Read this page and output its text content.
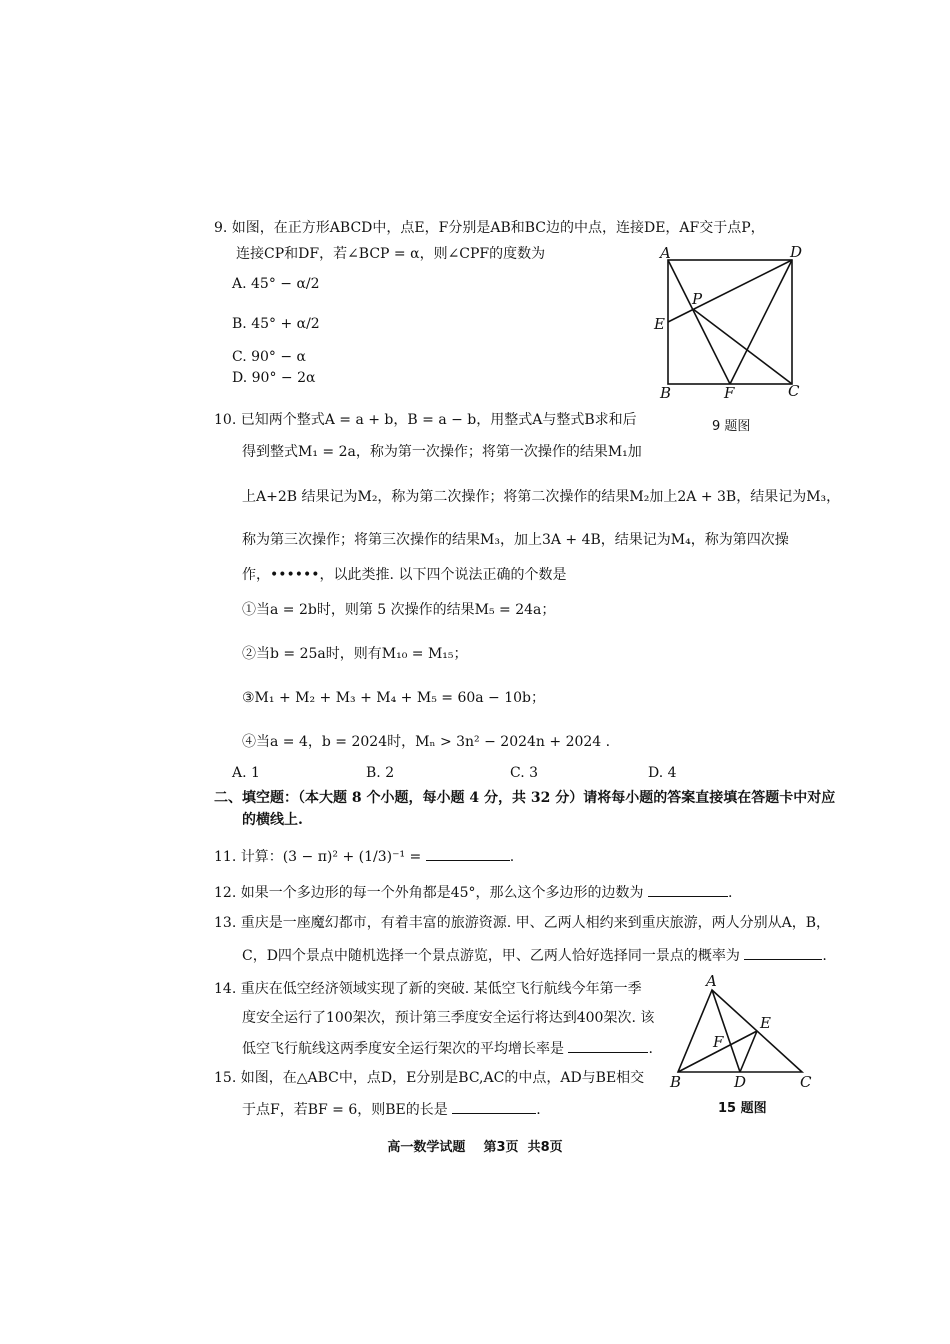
9. 如图，在正方形ABCD中，点E，F分别是AB和BC边的中点，连接DE，AF交于点P，
连接CP和DF，若∠BCP = α，则∠CPF的度数为
A. 45° − α/2
B. 45° + α/2
C. 90° − α
D. 90° − 2α
A	D
P
E
B	F	C
9 题图
10. 已知两个整式A = a + b，B = a − b，用整式A与整式B求和后
得到整式M₁ = 2a，称为第一次操作；将第一次操作的结果M₁加
上A+2B 结果记为M₂，称为第二次操作；将第二次操作的结果M₂加上2A + 3B，结果记为M₃，
称为第三次操作；将第三次操作的结果M₃，加上3A + 4B，结果记为M₄，称为第四次操
作，••••••，以此类推. 以下四个说法正确的个数是
①当a = 2b时，则第 5 次操作的结果M₅ = 24a；
②当b = 25a时，则有M₁₀ = M₁₅；
③M₁ + M₂ + M₃ + M₄ + M₅ = 60a − 10b；
④当a = 4，b = 2024时，Mₙ > 3n² − 2024n + 2024 .
A. 1	B. 2	C. 3	D. 4
二、填空题：（本大题 8 个小题，每小题 4 分，共 32 分）请将每小题的答案直接填在答题卡中对应
的横线上.
11. 计算：(3 − π)² + (1/3)⁻¹ =	.
12. 如果一个多边形的每一个外角都是45°，那么这个多边形的边数为	.
13. 重庆是一座魔幻都市，有着丰富的旅游资源. 甲、乙两人相约来到重庆旅游，两人分别从A，B，
C，D四个景点中随机选择一个景点游览，甲、乙两人恰好选择同一景点的概率为	.
14. 重庆在低空经济领域实现了新的突破. 某低空飞行航线今年第一季
度安全运行了100架次，预计第三季度安全运行将达到400架次. 该
低空飞行航线这两季度安全运行架次的平均增长率是	.
15. 如图，在△ABC中，点D，E分别是BC,AC的中点，AD与BE相交
于点F，若BF = 6，则BE的长是	.
A
E
F
B	D	C
15 题图
高一数学试题    第3页  共8页
